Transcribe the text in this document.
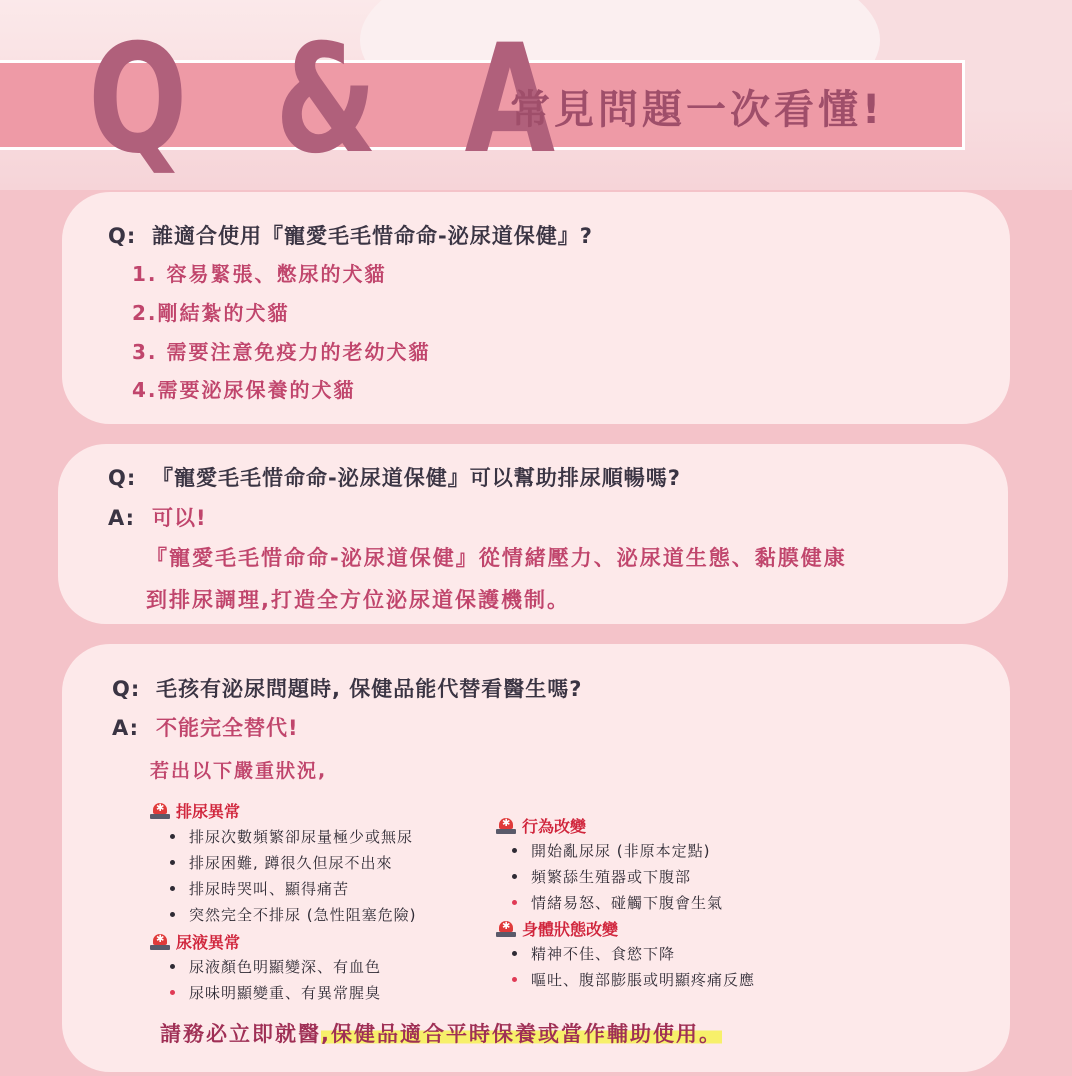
Q & A
常見問題一次看懂!
Q: 誰適合使用『寵愛毛毛惜命命-泌尿道保健』?
1. 容易緊張、憋尿的犬貓
2.剛結紮的犬貓
3. 需要注意免疫力的老幼犬貓
4.需要泌尿保養的犬貓
Q: 『寵愛毛毛惜命命-泌尿道保健』可以幫助排尿順暢嗎?
A: 可以!
『寵愛毛毛惜命命-泌尿道保健』從情緒壓力、泌尿道生態、黏膜健康
到排尿調理,打造全方位泌尿道保護機制。
Q: 毛孩有泌尿問題時, 保健品能代替看醫生嗎?
A: 不能完全替代!
若出以下嚴重狀況,
✱ 排尿異常
排尿次數頻繁卻尿量極少或無尿
排尿困難, 蹲很久但尿不出來
排尿時哭叫、顯得痛苦
突然完全不排尿 (急性阻塞危險)
✱ 尿液異常
尿液顏色明顯變深、有血色
尿味明顯變重、有異常腥臭
✱ 行為改變
開始亂尿尿 (非原本定點)
頻繁舔生殖器或下腹部
情緒易怒、碰觸下腹會生氣
✱ 身體狀態改變
精神不佳、食慾下降
嘔吐、腹部膨脹或明顯疼痛反應
請務必立即就醫,保健品適合平時保養或當作輔助使用。
